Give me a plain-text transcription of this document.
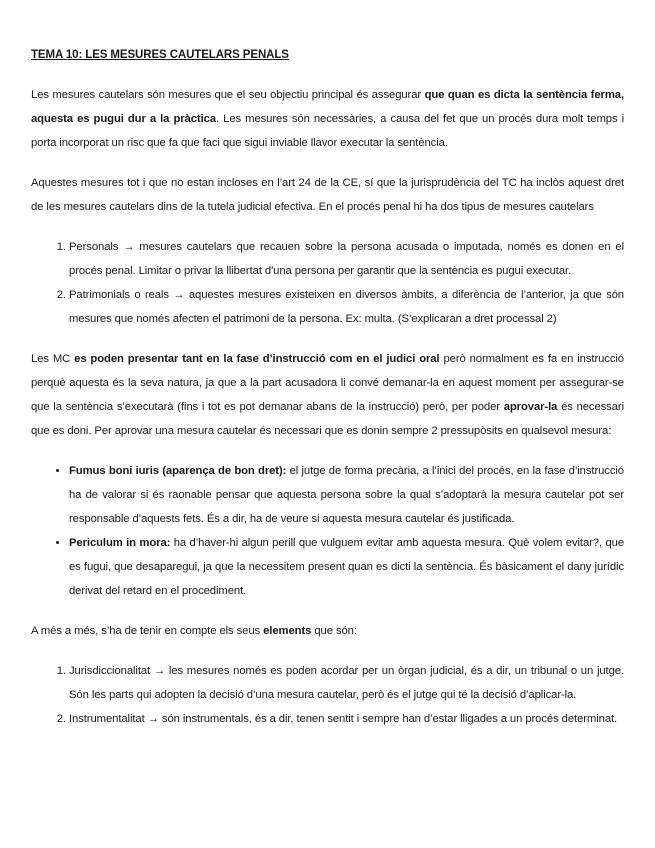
TEMA 10: LES MESURES CAUTELARS PENALS

Les mesures cautelars són mesures que el seu objectiu principal és assegurar que quan es dicta la sentència ferma, aquesta es pugui dur a la pràctica. Les mesures són necessàries, a causa del fet que un procés dura molt temps i porta incorporat un risc que fa que faci que sigui inviable llavor executar la sentència.

Aquestes mesures tot i que no estan incloses en l’art 24 de la CE, sí que la jurisprudència del TC ha inclòs aquest dret de les mesures cautelars dins de la tutela judicial efectiva. En el procés penal hi ha dos tipus de mesures cautelars

1. Personals → mesures cautelars que recauen sobre la persona acusada o imputada, només es donen en el procés penal. Limitar o privar la llibertat d'una persona per garantir que la sentència es pugui executar.
2. Patrimonials o reals → aquestes mesures existeixen en diversos àmbits, a diferència de l’anterior, ja que són mesures que només afecten el patrimoni de la persona. Ex: multa. (S’explicaran a dret processal 2)

Les MC es poden presentar tant en la fase d’instrucció com en el judici oral però normalment es fa en instrucció perquè aquesta és la seva natura, ja que a la part acusadora li convé demanar-la en aquest moment per assegurar-se que la sentència s’executarà (fins i tot es pot demanar abans de la instrucció) però, per poder aprovar-la és necessari que es doni. Per aprovar una mesura cautelar és necessari que es donin sempre 2 pressupòsits en qualsevol mesura:

• Fumus boni iuris (aparença de bon dret): el jutge de forma precària, a l’inici del procés, en la fase d’instrucció ha de valorar si és raonable pensar que aquesta persona sobre la qual s’adoptarà la mesura cautelar pot ser responsable d’aquests fets. És a dir, ha de veure si aquesta mesura cautelar és justificada.
• Periculum in mora: ha d’haver-hi algun perill que vulguem evitar amb aquesta mesura. Què volem evitar?, que es fugui, que desaparegui, ja que la necessitem present quan es dicti la sentència. És bàsicament el dany jurídic derivat del retard en el procediment.

A més a més, s’ha de tenir en compte els seus elements que són:

1. Jurisdiccionalitat → les mesures només es poden acordar per un òrgan judicial, és a dir, un tribunal o un jutge. Són les parts qui adopten la decisió d’una mesura cautelar, però és el jutge qui té la decisió d’aplicar-la.
2. Instrumentalitat → són instrumentals, és a dir, tenen sentit i sempre han d’estar lligades a un procés determinat.
